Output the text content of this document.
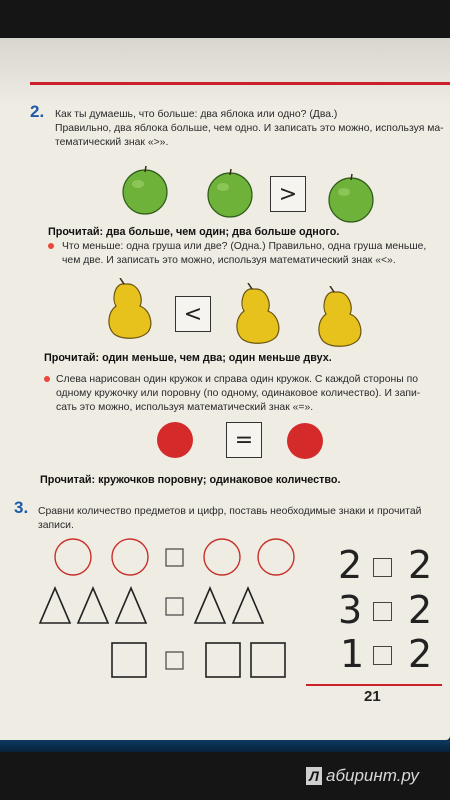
2. Как ты думаешь, что больше: два яблока или одно? (Два.)
Правильно, два яблока больше, чем одно. И записать это можно, используя ма-
тематический знак «>».
>
Прочитай: два больше, чем один; два больше одного.
Что меньше: одна груша или две? (Одна.) Правильно, одна груша меньше,
чем две. И записать это можно, используя математический знак «<».
<
Прочитай: один меньше, чем два; один меньше двух.
Слева нарисован один кружок и справа один кружок. С каждой стороны по
одному кружочку или поровну (по одному, одинаковое количество). И запи-
сать это можно, используя математический знак «=».
=
Прочитай: кружочков поровну; одинаковое количество.
3. Сравни количество предметов и цифр, поставь необходимые знаки и прочитай
записи.
2 2
3 2
1 2
21
Л абиринт.ру
